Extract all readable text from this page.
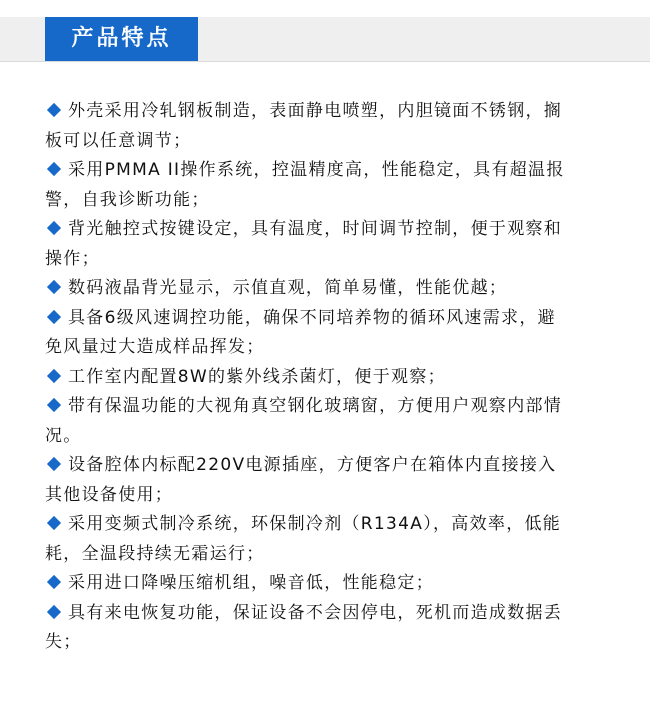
产品特点
外壳采用冷轧钢板制造，表面静电喷塑，内胆镜面不锈钢，搁板可以任意调节；
采用PMMA II操作系统，控温精度高，性能稳定，具有超温报警，自我诊断功能；
背光触控式按键设定，具有温度，时间调节控制，便于观察和操作；
数码液晶背光显示，示值直观，简单易懂，性能优越；
具备6级风速调控功能，确保不同培养物的循环风速需求，避免风量过大造成样品挥发；
工作室内配置8W的紫外线杀菌灯，便于观察；
带有保温功能的大视角真空钢化玻璃窗，方便用户观察内部情况。
设备腔体内标配220V电源插座，方便客户在箱体内直接接入其他设备使用；
采用变频式制冷系统，环保制冷剂（R134A），高效率，低能耗，全温段持续无霜运行；
采用进口降噪压缩机组，噪音低，性能稳定；
具有来电恢复功能，保证设备不会因停电，死机而造成数据丢失；
